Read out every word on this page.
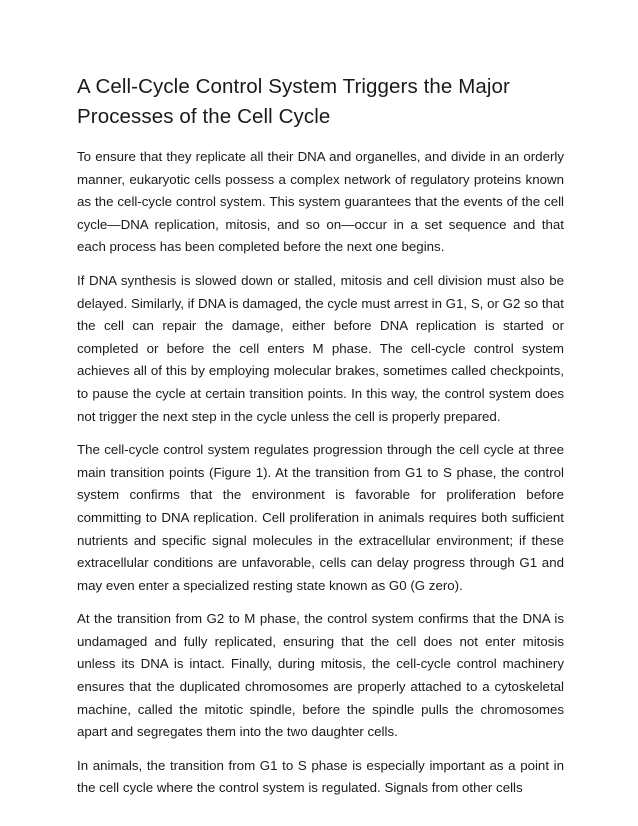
A Cell-Cycle Control System Triggers the Major Processes of the Cell Cycle

To ensure that they replicate all their DNA and organelles, and divide in an orderly manner, eukaryotic cells possess a complex network of regulatory proteins known as the cell-cycle control system. This system guarantees that the events of the cell cycle—DNA replication, mitosis, and so on—occur in a set sequence and that each process has been completed before the next one begins.

If DNA synthesis is slowed down or stalled, mitosis and cell division must also be delayed. Similarly, if DNA is damaged, the cycle must arrest in G1, S, or G2 so that the cell can repair the damage, either before DNA replication is started or completed or before the cell enters M phase. The cell-cycle control system achieves all of this by employing molecular brakes, sometimes called checkpoints, to pause the cycle at certain transition points. In this way, the control system does not trigger the next step in the cycle unless the cell is properly prepared.

The cell-cycle control system regulates progression through the cell cycle at three main transition points (Figure 1). At the transition from G1 to S phase, the control system confirms that the environment is favorable for proliferation before committing to DNA replication. Cell proliferation in animals requires both sufficient nutrients and specific signal molecules in the extracellular environment; if these extracellular conditions are unfavorable, cells can delay progress through G1 and may even enter a specialized resting state known as G0 (G zero).

At the transition from G2 to M phase, the control system confirms that the DNA is undamaged and fully replicated, ensuring that the cell does not enter mitosis unless its DNA is intact. Finally, during mitosis, the cell-cycle control machinery ensures that the duplicated chromosomes are properly attached to a cytoskeletal machine, called the mitotic spindle, before the spindle pulls the chromosomes apart and segregates them into the two daughter cells.

In animals, the transition from G1 to S phase is especially important as a point in the cell cycle where the control system is regulated. Signals from other cells
